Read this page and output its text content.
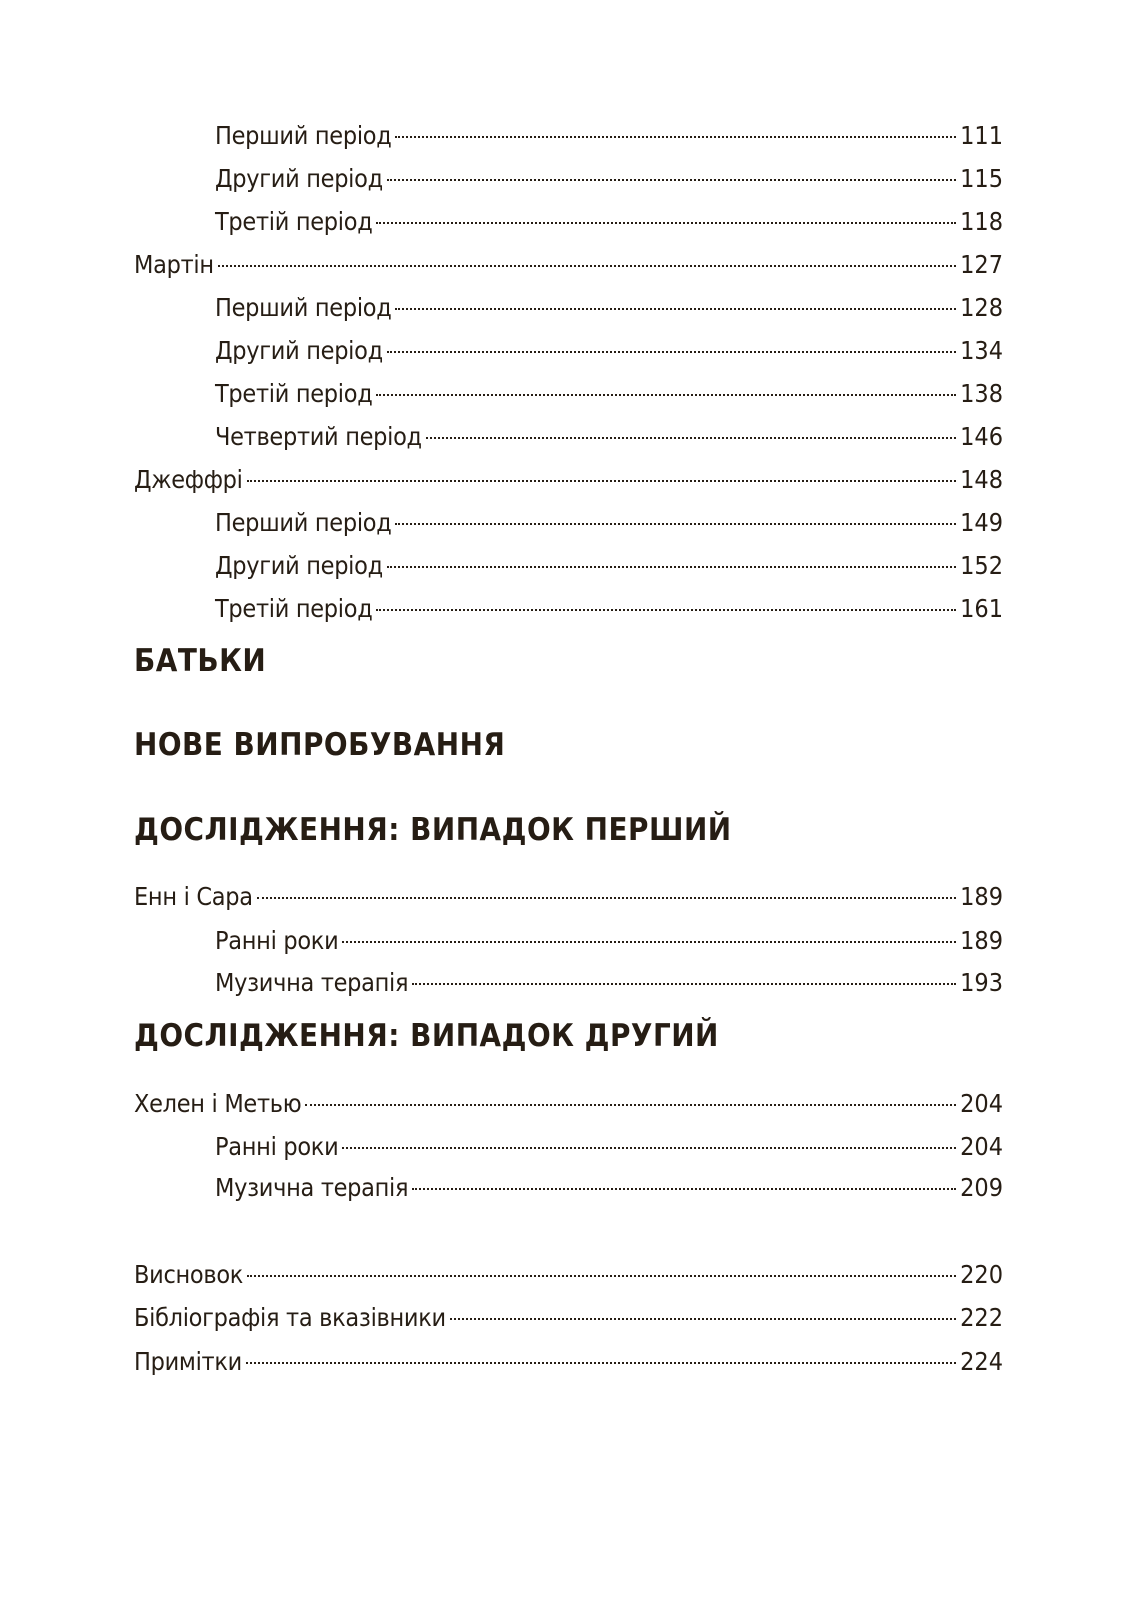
Перший період	111
Другий період	115
Третій період	118
Мартін	127
Перший період	128
Другий період	134
Третій період	138
Четвертий період	146
Джеффрі	148
Перший період	149
Другий період	152
Третій період	161
БАТЬКИ
НОВЕ ВИПРОБУВАННЯ
ДОСЛІДЖЕННЯ: ВИПАДОК ПЕРШИЙ
Енн і Сара	189
Ранні роки	189
Музична терапія	193
ДОСЛІДЖЕННЯ: ВИПАДОК ДРУГИЙ
Хелен і Метью	204
Ранні роки	204
Музична терапія	209
Висновок	220
Бібліографія та вказівники	222
Примітки	224
